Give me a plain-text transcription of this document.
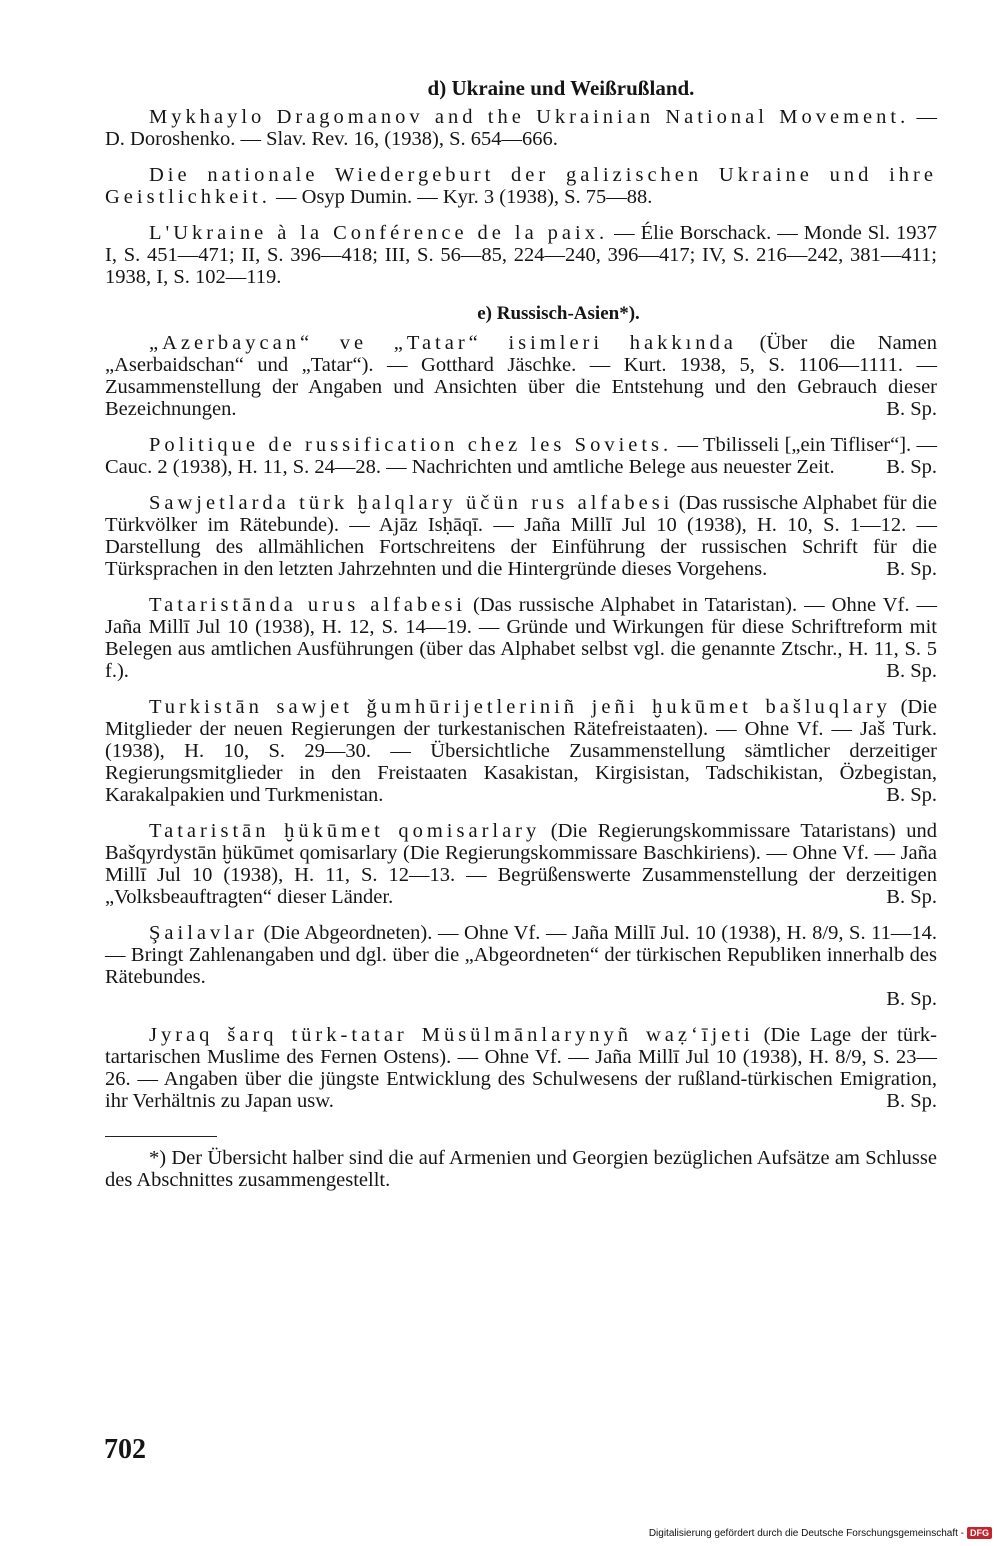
d) Ukraine und Weißrußland.

Mykhaylo Dragomanov and the Ukrainian National Movement. — D. Doroshenko. — Slav. Rev. 16, (1938), S. 654—666.

Die nationale Wiedergeburt der galizischen Ukraine und ihre Geistlichkeit. — Osyp Dumin. — Kyr. 3 (1938), S. 75—88.

L'Ukraine à la Conférence de la paix. — Élie Borschack. — Monde Sl. 1937 I, S. 451—471; II, S. 396—418; III, S. 56—85, 224—240, 396—417; IV, S. 216—242, 381—411; 1938, I, S. 102—119.

e) Russisch-Asien*).

„Azerbaycan“ ve „Tatar“ isimleri hakkında (Über die Namen „Aserbaidschan“ und „Tatar“). — Gotthard Jäschke. — Kurt. 1938, 5, S. 1106—1111. — Zusammenstellung der Angaben und Ansichten über die Entstehung und den Gebrauch dieser Bezeichnungen.	B. Sp.

Politique de russification chez les Soviets. — Tbilisseli [„ein Tifliser“]. — Cauc. 2 (1938), H. 11, S. 24—28. — Nachrichten und amtliche Belege aus neuester Zeit.	B. Sp.

Sawjetlarda türk ḫalqlary üčün rus alfabesi (Das russische Alphabet für die Türkvölker im Rätebunde). — Ajāz Isḥāqī. — Jaña Millī Jul 10 (1938), H. 10, S. 1—12. — Darstellung des allmählichen Fortschreitens der Einführung der russischen Schrift für die Türksprachen in den letzten Jahrzehnten und die Hintergründe dieses Vorgehens.	B. Sp.

Tataristānda urus alfabesi (Das russische Alphabet in Tataristan). — Ohne Vf. — Jaña Millī Jul 10 (1938), H. 12, S. 14—19. — Gründe und Wirkungen für diese Schriftreform mit Belegen aus amtlichen Ausführungen (über das Alphabet selbst vgl. die genannte Ztschr., H. 11, S. 5 f.).	B. Sp.

Turkistān sawjet ǧumhūrijetleriniñ jeñi ḫukūmet bašluqlary (Die Mitglieder der neuen Regierungen der turkestanischen Rätefreistaaten). — Ohne Vf. — Jaš Turk. (1938), H. 10, S. 29—30. — Übersichtliche Zusammenstellung sämtlicher derzeitiger Regierungsmitglieder in den Freistaaten Kasakistan, Kirgisistan, Tadschikistan, Özbegistan, Karakalpakien und Turkmenistan.	B. Sp.

Tataristān ḫükūmet qomisarlary (Die Regierungskommissare Tataristans) und Bašqyrdystān ḫükūmet qomisarlary (Die Regierungskommissare Baschkiriens). — Ohne Vf. — Jaña Millī Jul 10 (1938), H. 11, S. 12—13. — Begrüßenswerte Zusammenstellung der derzeitigen „Volksbeauftragten“ dieser Länder.	B. Sp.

Şailavlar (Die Abgeordneten). — Ohne Vf. — Jaña Millī Jul. 10 (1938), H. 8/9, S. 11—14. — Bringt Zahlenangaben und dgl. über die „Abgeordneten“ der türkischen Republiken innerhalb des Rätebundes.
B. Sp.

Jyraq šarq türk-tatar Müsülmānlarynyñ waẓ‘ījeti (Die Lage der türk-tartarischen Muslime des Fernen Ostens). — Ohne Vf. — Jaña Millī Jul 10 (1938), H. 8/9, S. 23—26. — Angaben über die jüngste Entwicklung des Schulwesens der rußland-türkischen Emigration, ihr Verhältnis zu Japan usw.	B. Sp.

*) Der Übersicht halber sind die auf Armenien und Georgien bezüglichen Aufsätze am Schlusse des Abschnittes zusammengestellt.

702
Digitalisierung gefördert durch die Deutsche Forschungsgemeinschaft - DFG
